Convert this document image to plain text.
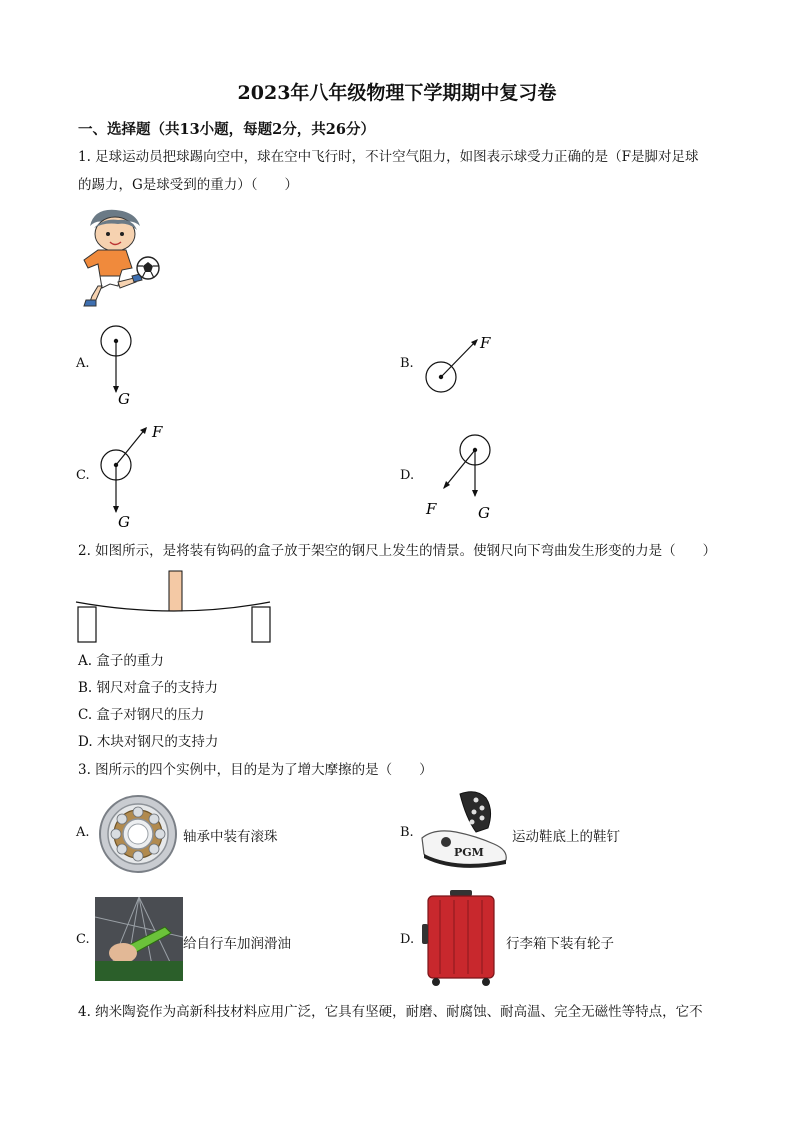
2023年八年级物理下学期期中复习卷
一、选择题（共13小题，每题2分，共26分）
1. 足球运动员把球踢向空中，球在空中飞行时，不计空气阻力，如图表示球受力正确的是（F是脚对足球
的踢力，G是球受到的重力）（　　）
A.
G
B.
F
C.
F
G
D.
F	G
2. 如图所示，是将装有钩码的盒子放于架空的钢尺上发生的情景。使钢尺向下弯曲发生形变的力是（　　）
A. 盒子的重力
B. 钢尺对盒子的支持力
C. 盒子对钢尺的压力
D. 木块对钢尺的支持力
3. 图所示的四个实例中，目的是为了增大摩擦的是（　　）
A.	轴承中装有滚珠	B.
PGM
运动鞋底上的鞋钉
C.	给自行车加润滑油	D.	行李箱下装有轮子
4. 纳米陶瓷作为高新科技材料应用广泛，它具有坚硬，耐磨、耐腐蚀、耐高温、完全无磁性等特点，它不
